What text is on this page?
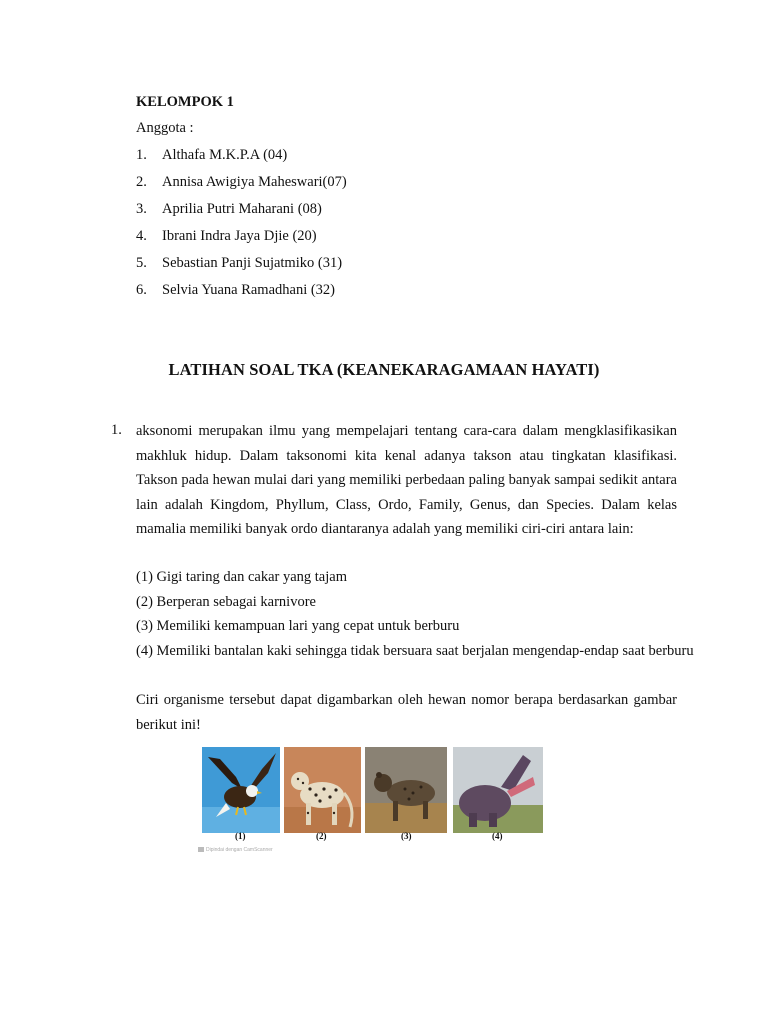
KELOMPOK 1
Anggota :
1.	Althafa M.K.P.A (04)
2.	Annisa Awigiya Maheswari(07)
3.	Aprilia Putri Maharani (08)
4.	Ibrani Indra Jaya Djie (20)
5.	Sebastian Panji Sujatmiko (31)
6.	Selvia Yuana Ramadhani (32)
LATIHAN SOAL TKA (KEANEKARAGAMAAN HAYATI)
1. aksonomi merupakan ilmu yang mempelajari tentang cara-cara dalam mengklasifikasikan makhluk hidup. Dalam taksonomi kita kenal adanya takson atau tingkatan klasifikasi. Takson pada hewan mulai dari yang memiliki perbedaan paling banyak sampai sedikit antara lain adalah Kingdom, Phyllum, Class, Ordo, Family, Genus, dan Species. Dalam kelas mamalia memiliki banyak ordo diantaranya adalah yang memiliki ciri-ciri antara lain:

(1) Gigi taring dan cakar yang tajam
(2) Berperan sebagai karnivore
(3) Memiliki kemampuan lari yang cepat untuk berburu
(4) Memiliki bantalan kaki sehingga tidak bersuara saat berjalan mengendap-endap saat berburu

Ciri organisme tersebut dapat digambarkan oleh hewan nomor berapa berdasarkan gambar berikut ini!

(1)	(2)	(3)	(4)
Dipindai dengan CamScanner
